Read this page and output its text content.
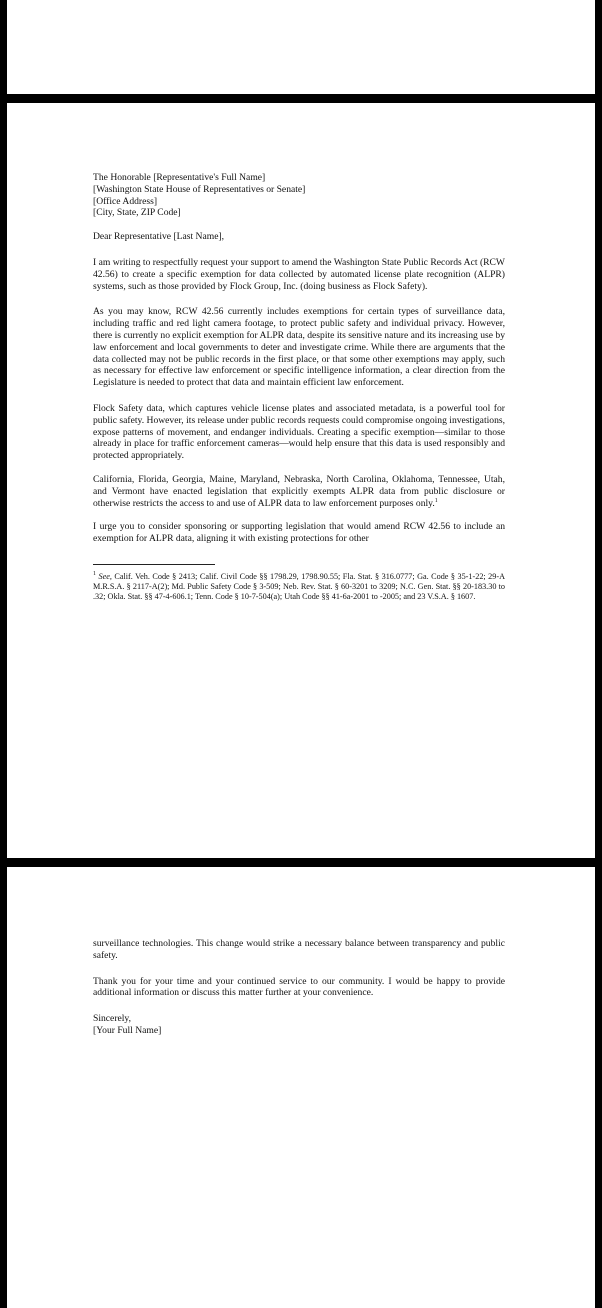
The Honorable [Representative's Full Name]
[Washington State House of Representatives or Senate]
[Office Address]
[City, State, ZIP Code]

Dear Representative [Last Name],

I am writing to respectfully request your support to amend the Washington State Public Records Act (RCW 42.56) to create a specific exemption for data collected by automated license plate recognition (ALPR) systems, such as those provided by Flock Group, Inc. (doing business as Flock Safety).

As you may know, RCW 42.56 currently includes exemptions for certain types of surveillance data, including traffic and red light camera footage, to protect public safety and individual privacy. However, there is currently no explicit exemption for ALPR data, despite its sensitive nature and its increasing use by law enforcement and local governments to deter and investigate crime. While there are arguments that the data collected may not be public records in the first place, or that some other exemptions may apply, such as necessary for effective law enforcement or specific intelligence information, a clear direction from the Legislature is needed to protect that data and maintain efficient law enforcement.

Flock Safety data, which captures vehicle license plates and associated metadata, is a powerful tool for public safety. However, its release under public records requests could compromise ongoing investigations, expose patterns of movement, and endanger individuals. Creating a specific exemption—similar to those already in place for traffic enforcement cameras—would help ensure that this data is used responsibly and protected appropriately.

California, Florida, Georgia, Maine, Maryland, Nebraska, North Carolina, Oklahoma, Tennessee, Utah, and Vermont have enacted legislation that explicitly exempts ALPR data from public disclosure or otherwise restricts the access to and use of ALPR data to law enforcement purposes only.$^1$

I urge you to consider sponsoring or supporting legislation that would amend RCW 42.56 to include an exemption for ALPR data, aligning it with existing protections for other

$^1$ See, Calif. Veh. Code § 2413; Calif. Civil Code §§ 1798.29, 1798.90.55; Fla. Stat. § 316.0777; Ga. Code § 35-1-22; 29-A M.R.S.A. § 2117-A(2); Md. Public Safety Code § 3-509; Neb. Rev. Stat. § 60-3201 to 3209; N.C. Gen. Stat. §§ 20-183.30 to .32; Okla. Stat. §§ 47-4-606.1; Tenn. Code § 10-7-504(a); Utah Code §§ 41-6a-2001 to -2005; and 23 V.S.A. § 1607.

surveillance technologies. This change would strike a necessary balance between transparency and public safety.

Thank you for your time and your continued service to our community. I would be happy to provide additional information or discuss this matter further at your convenience.

Sincerely,

[Your Full Name]
